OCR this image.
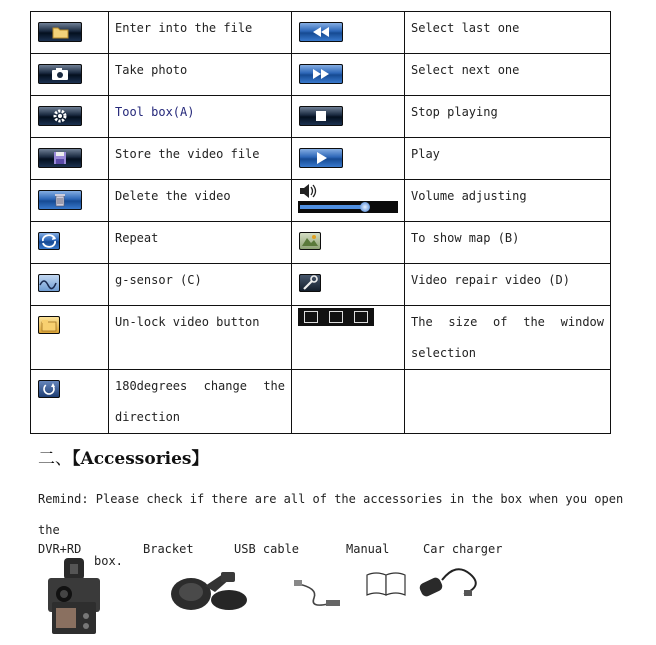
Enter into the file		Select last one

Take photo		Select next one

Tool box(A)		Stop playing

Store the video file		Play

Delete the video		Volume adjusting

Repeat		To show map (B)

g-sensor (C)		Video repair video (D)

Un-lock video button		The size of the window selection

180degrees change the direction		

二、【Accessories】
Remind: Please check if there are all of the accessories in the box when you open the
box.
DVR+RD	Bracket	USB cable	Manual	Car charger
